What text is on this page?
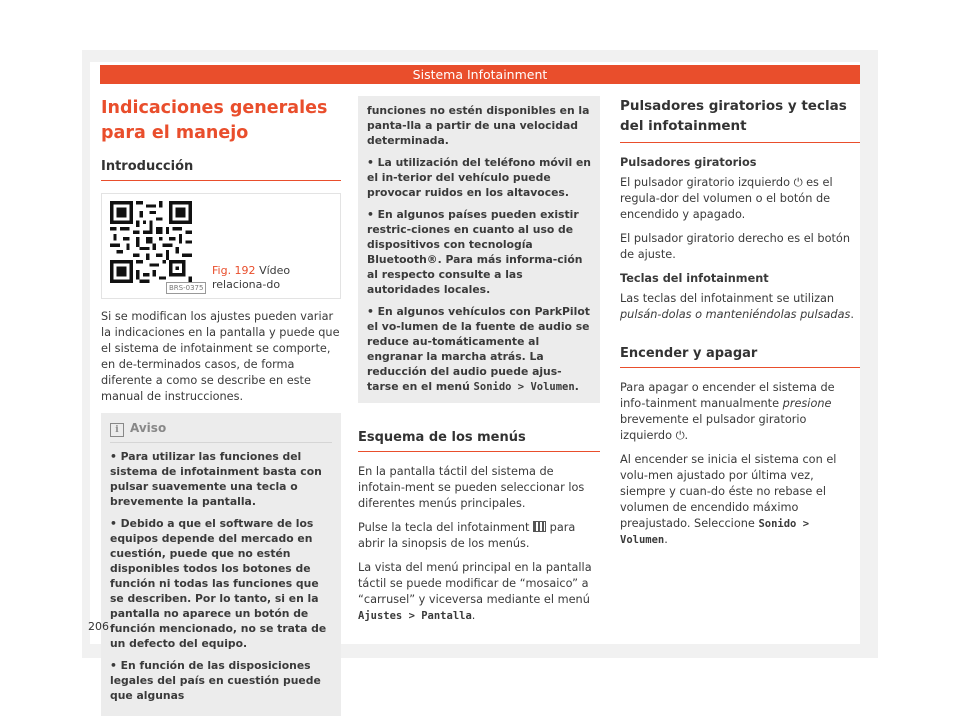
Sistema Infotainment
Indicaciones generales para el manejo
Introducción
BRS-0375
Fig. 192 Vídeo relaciona-do

Si se modifican los ajustes pueden variar la indicaciones en la pantalla y puede que el sistema de infotainment se comporte, en de-terminados casos, de forma diferente a como se describe en este manual de instrucciones.

i Aviso
• Para utilizar las funciones del sistema de infotainment basta con pulsar suavemente una tecla o brevemente la pantalla.
• Debido a que el software de los equipos depende del mercado en cuestión, puede que no estén disponibles todos los botones de función ni todas las funciones que se describen. Por lo tanto, si en la pantalla no aparece un botón de función mencionado, no se trata de un defecto del equipo.
• En función de las disposiciones legales del país en cuestión puede que algunas
funciones no estén disponibles en la panta-lla a partir de una velocidad determinada.
• La utilización del teléfono móvil en el in-terior del vehículo puede provocar ruidos en los altavoces.
• En algunos países pueden existir restric-ciones en cuanto al uso de dispositivos con tecnología Bluetooth®. Para más informa-ción al respecto consulte a las autoridades locales.
• En algunos vehículos con ParkPilot el vo-lumen de la fuente de audio se reduce au-tomáticamente al engranar la marcha atrás. La reducción del audio puede ajus-tarse en el menú Sonido > Volumen.
Esquema de los menús

En la pantalla táctil del sistema de infotain-ment se pueden seleccionar los diferentes menús principales.

Pulse la tecla del infotainment  para abrir la sinopsis de los menús.

La vista del menú principal en la pantalla táctil se puede modificar de “mosaico” a “carrusel” y viceversa mediante el menú Ajustes > Pantalla.

Pulsadores giratorios y teclas del infotainment

Pulsadores giratorios

El pulsador giratorio izquierdo ⏻ es el regula-dor del volumen o el botón de encendido y apagado.

El pulsador giratorio derecho es el botón de ajuste.

Teclas del infotainment

Las teclas del infotainment se utilizan pulsán-dolas o manteniéndolas pulsadas.

Encender y apagar

Para apagar o encender el sistema de info-tainment manualmente presione brevemente el pulsador giratorio izquierdo ⏻.

Al encender se inicia el sistema con el volu-men ajustado por última vez, siempre y cuan-do éste no rebase el volumen de encendido máximo preajustado. Seleccione Sonido > Volumen.

206
